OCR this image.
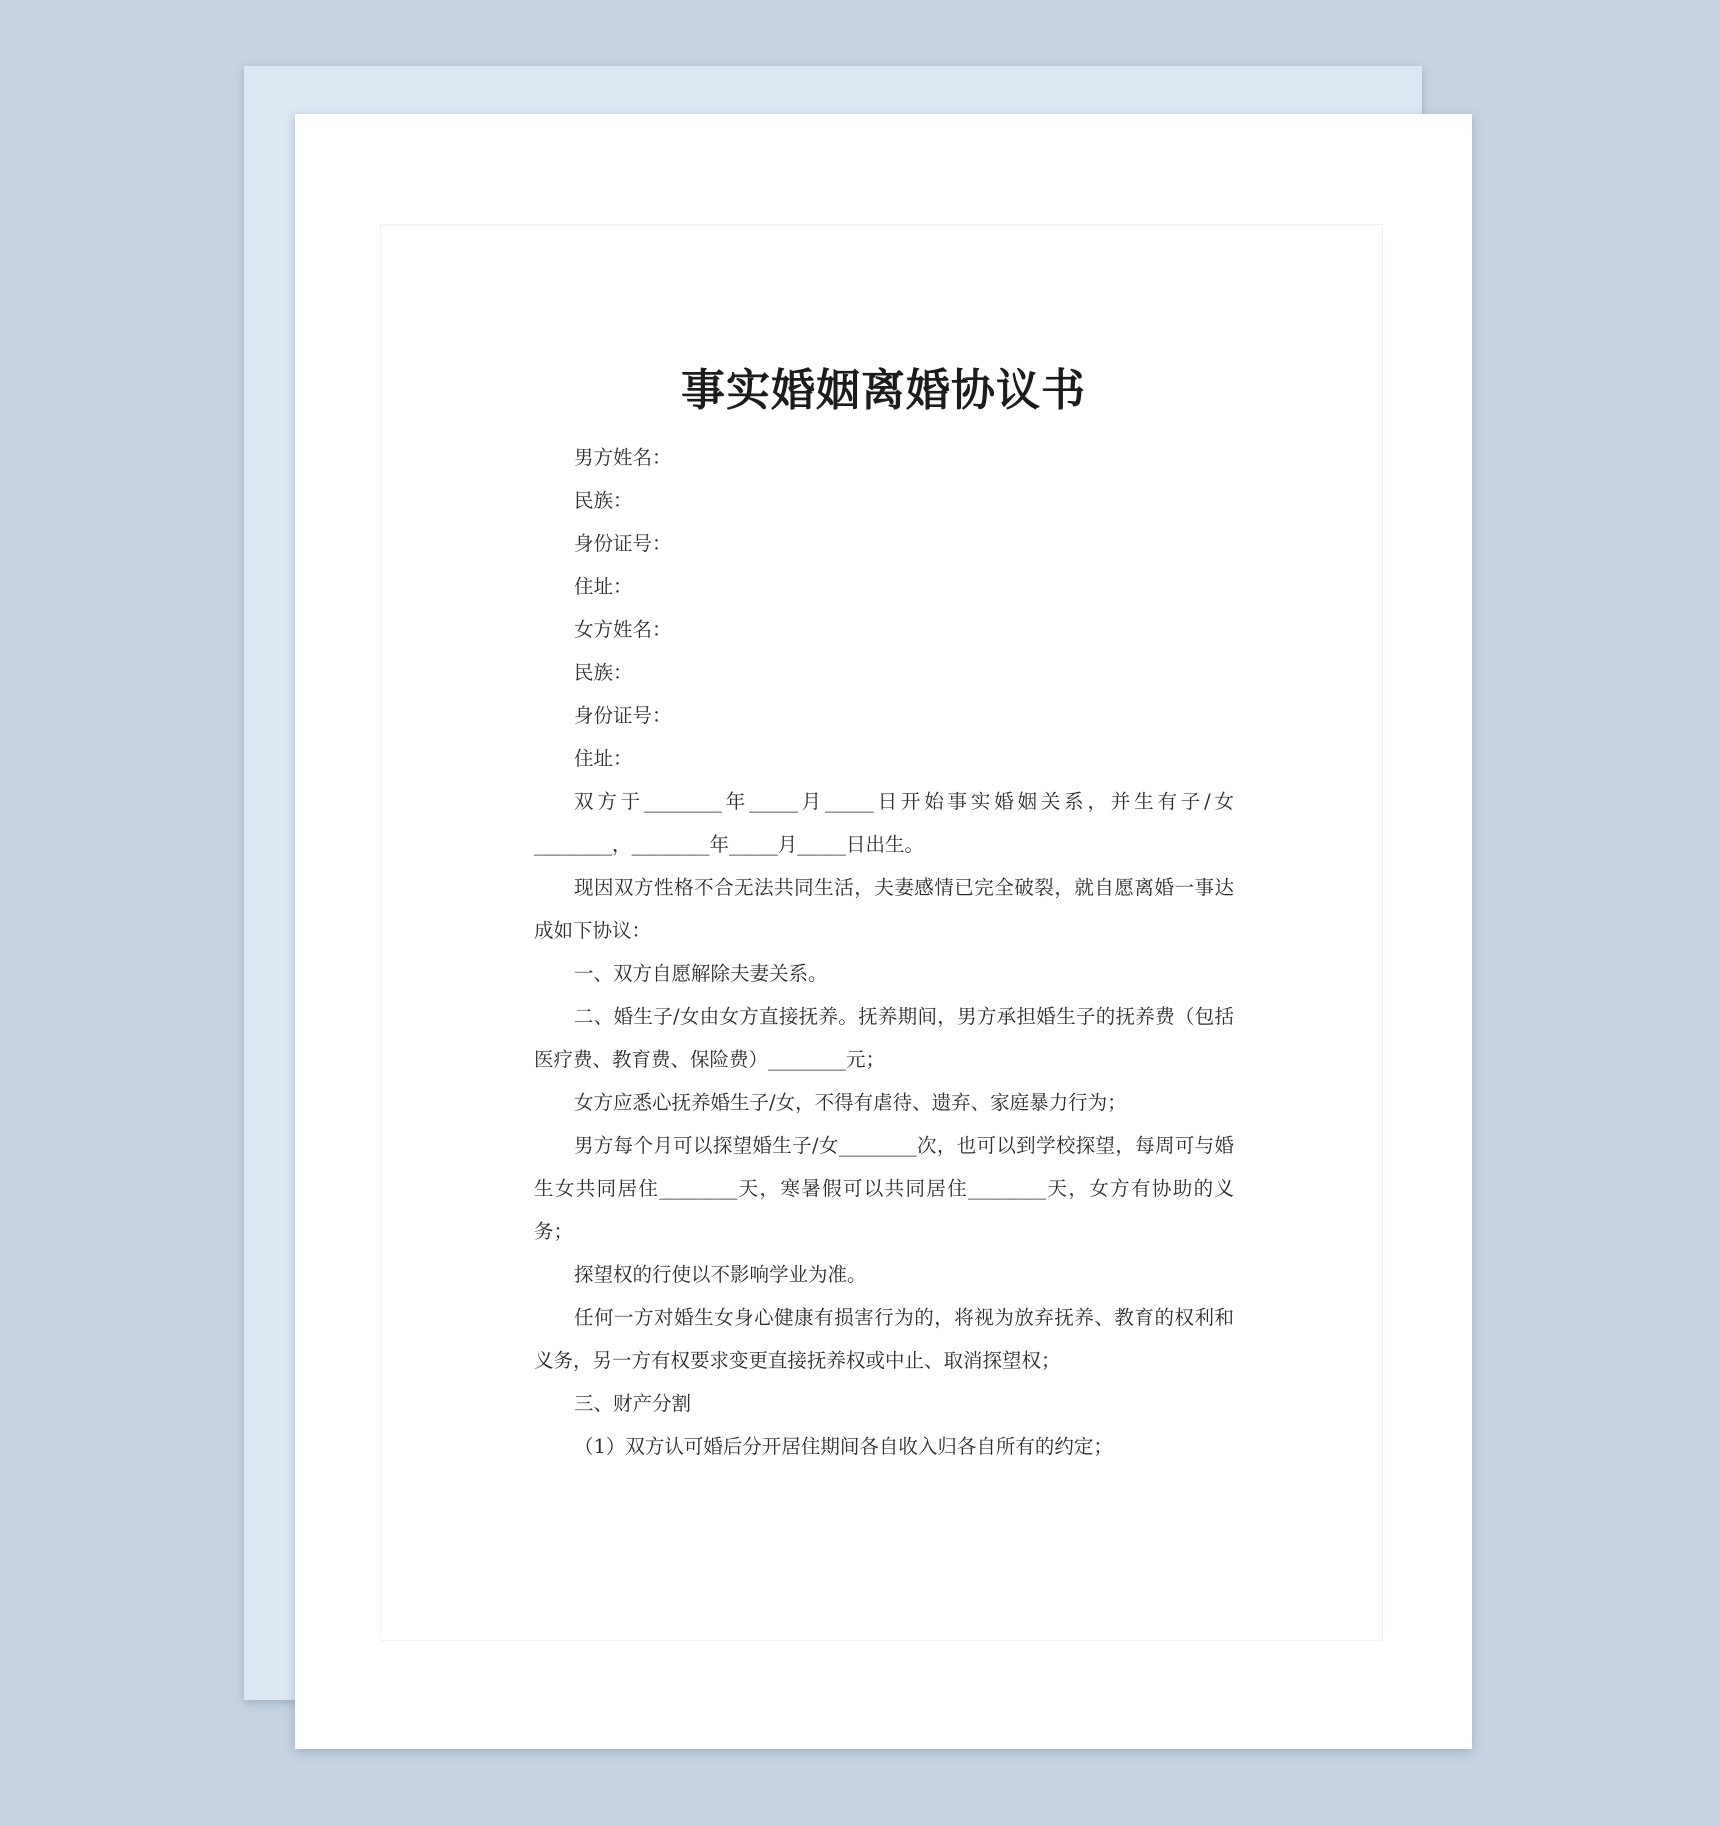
事实婚姻离婚协议书

男方姓名：

民族：

身份证号：

住址：

女方姓名：

民族：

身份证号：

住址：

双方于________年_____月_____日开始事实婚姻关系，并生有子/女________，________年_____月_____日出生。

现因双方性格不合无法共同生活，夫妻感情已完全破裂，就自愿离婚一事达成如下协议：

一、双方自愿解除夫妻关系。

二、婚生子/女由女方直接抚养。抚养期间，男方承担婚生子的抚养费（包括医疗费、教育费、保险费）________元；

女方应悉心抚养婚生子/女，不得有虐待、遗弃、家庭暴力行为；

男方每个月可以探望婚生子/女________次，也可以到学校探望，每周可与婚生女共同居住________天，寒暑假可以共同居住________天，女方有协助的义务；

探望权的行使以不影响学业为准。

任何一方对婚生女身心健康有损害行为的，将视为放弃抚养、教育的权利和义务，另一方有权要求变更直接抚养权或中止、取消探望权；

三、财产分割

（1）双方认可婚后分开居住期间各自收入归各自所有的约定；
